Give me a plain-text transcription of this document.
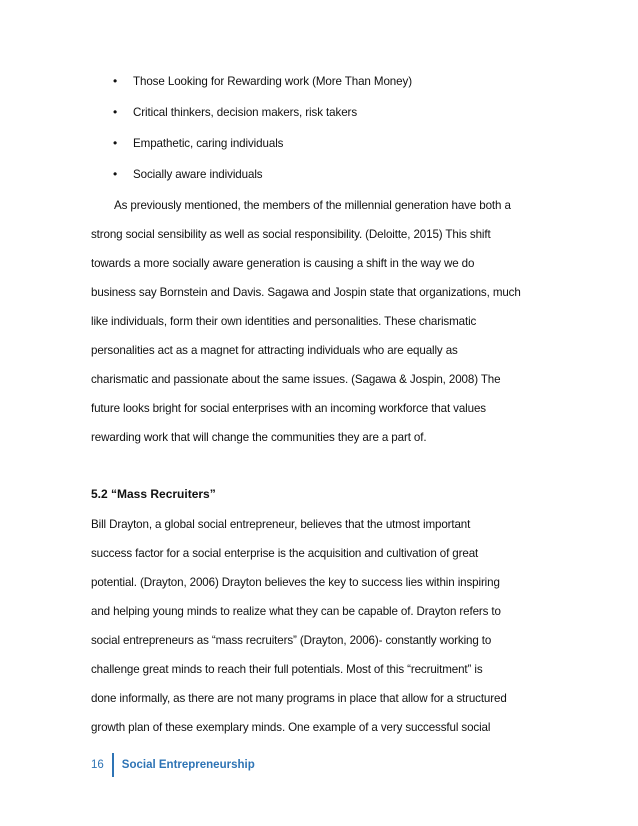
• Those Looking for Rewarding work (More Than Money)
• Critical thinkers, decision makers, risk takers
• Empathetic, caring individuals
• Socially aware individuals

As previously mentioned, the members of the millennial generation have both a
strong social sensibility as well as social responsibility. (Deloitte, 2015) This shift
towards a more socially aware generation is causing a shift in the way we do
business say Bornstein and Davis. Sagawa and Jospin state that organizations, much
like individuals, form their own identities and personalities. These charismatic
personalities act as a magnet for attracting individuals who are equally as
charismatic and passionate about the same issues. (Sagawa & Jospin, 2008) The
future looks bright for social enterprises with an incoming workforce that values
rewarding work that will change the communities they are a part of.

5.2 “Mass Recruiters”

Bill Drayton, a global social entrepreneur, believes that the utmost important
success factor for a social enterprise is the acquisition and cultivation of great
potential. (Drayton, 2006) Drayton believes the key to success lies within inspiring
and helping young minds to realize what they can be capable of. Drayton refers to
social entrepreneurs as “mass recruiters” (Drayton, 2006)- constantly working to
challenge great minds to reach their full potentials. Most of this “recruitment” is
done informally, as there are not many programs in place that allow for a structured
growth plan of these exemplary minds. One example of a very successful social

16	Social Entrepreneurship
